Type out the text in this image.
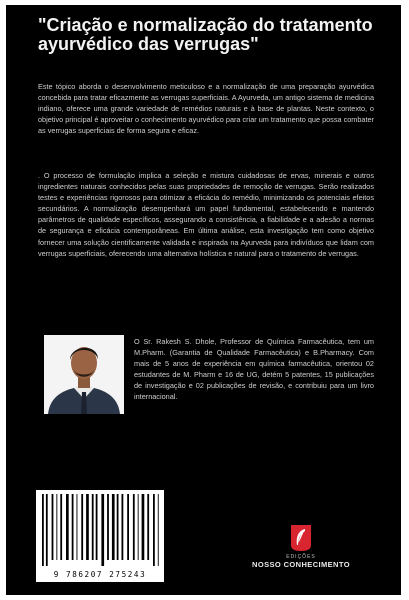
"Criação e normalização do tratamento ayurvédico das verrugas"

Este tópico aborda o desenvolvimento meticuloso e a normalização de uma preparação ayurvédica concebida para tratar eficazmente as verrugas superficiais. A Ayurveda, um antigo sistema de medicina indiano, oferece uma grande variedade de remédios naturais e à base de plantas. Neste contexto, o objetivo principal é aproveitar o conhecimento ayurvédico para criar um tratamento que possa combater as verrugas superficiais de forma segura e eficaz.

. O processo de formulação implica a seleção e mistura cuidadosas de ervas, minerais e outros ingredientes naturais conhecidos pelas suas propriedades de remoção de verrugas. Serão realizados testes e experiências rigorosos para otimizar a eficácia do remédio, minimizando os potenciais efeitos secundários. A normalização desempenhará um papel fundamental, estabelecendo e mantendo parâmetros de qualidade específicos, assegurando a consistência, a fiabilidade e a adesão a normas de segurança e eficácia contemporâneas. Em última análise, esta investigação tem como objetivo fornecer uma solução cientificamente validada e inspirada na Ayurveda para indivíduos que lidam com verrugas superficiais, oferecendo uma alternativa holística e natural para o tratamento de verrugas.

O Sr. Rakesh S. Dhole, Professor de Química Farmacêutica, tem um M.Pharm. (Garantia de Qualidade Farmacêutica) e B.Pharmacy. Com mais de 5 anos de experiência em química farmacêutica, orientou 02 estudantes de M. Pharm e 16 de UG, detém 5 patentes, 15 publicações de investigação e 02 publicações de revisão, e contribuiu para um livro internacional.

9 786207 275243
EDIÇÕES
NOSSO CONHECIMENTO
